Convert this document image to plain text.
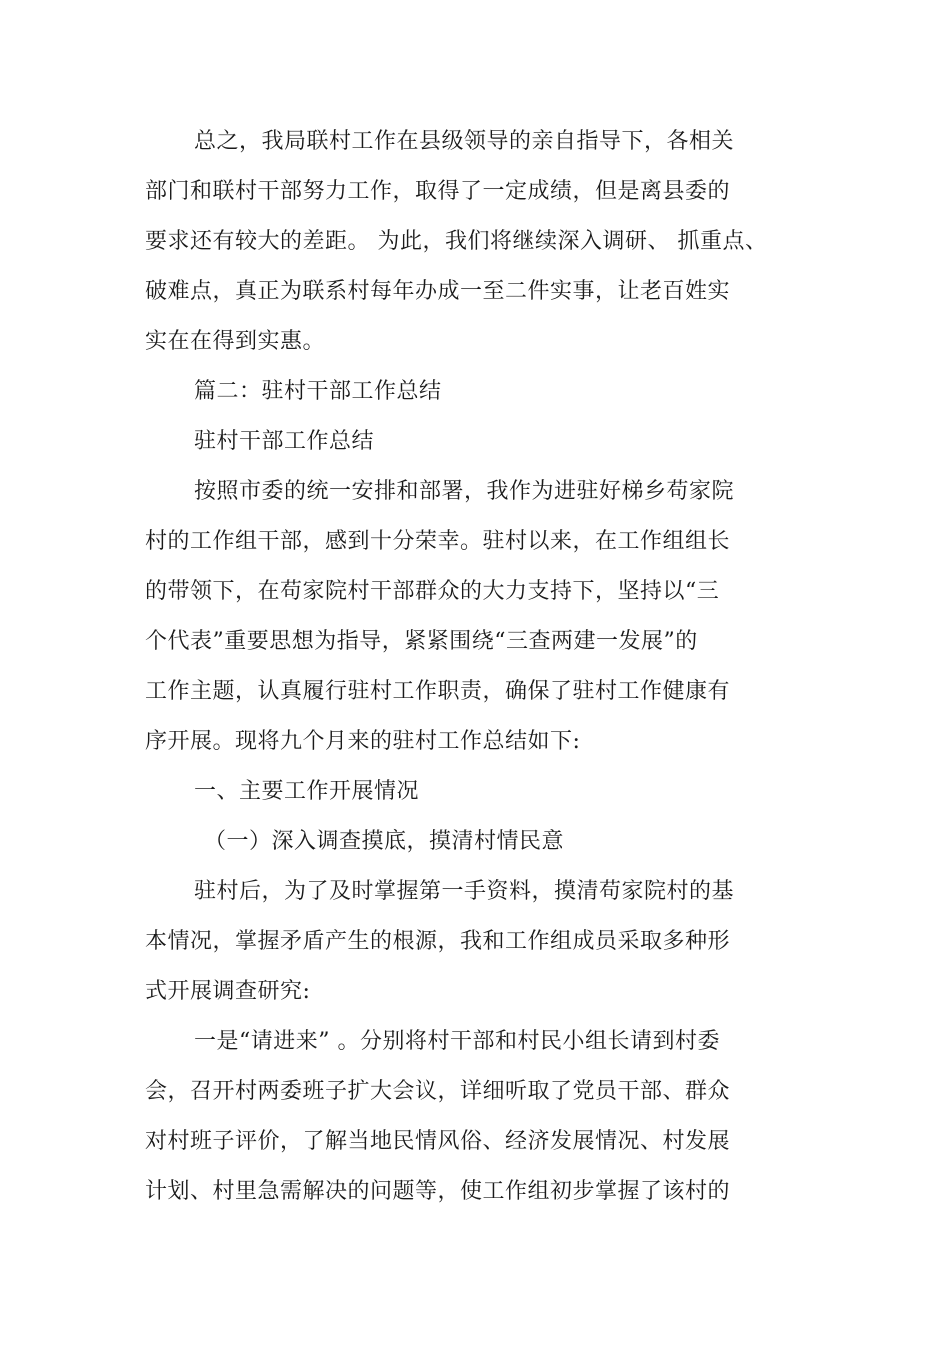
总之，我局联村工作在县级领导的亲自指导下，各相关

部门和联村干部努力工作，取得了一定成绩，但是离县委的

要求还有较大的差距。 为此，我们将继续深入调研、 抓重点、

破难点，真正为联系村每年办成一至二件实事，让老百姓实

实在在得到实惠。

篇二：驻村干部工作总结

驻村干部工作总结

按照市委的统一安排和部署，我作为进驻好梯乡苟家院

村的工作组干部，感到十分荣幸。驻村以来，在工作组组长

的带领下，在苟家院村干部群众的大力支持下，坚持以“三

个代表”重要思想为指导，紧紧围绕“三查两建一发展”的

工作主题，认真履行驻村工作职责，确保了驻村工作健康有

序开展。现将九个月来的驻村工作总结如下:

一、主要工作开展情况

（一）深入调查摸底，摸清村情民意

驻村后，为了及时掌握第一手资料，摸清苟家院村的基

本情况，掌握矛盾产生的根源，我和工作组成员采取多种形

式开展调查研究:

一是“请进来” 。分别将村干部和村民小组长请到村委

会，召开村两委班子扩大会议，详细听取了党员干部、群众

对村班子评价，了解当地民情风俗、经济发展情况、村发展

计划、村里急需解决的问题等，使工作组初步掌握了该村的
